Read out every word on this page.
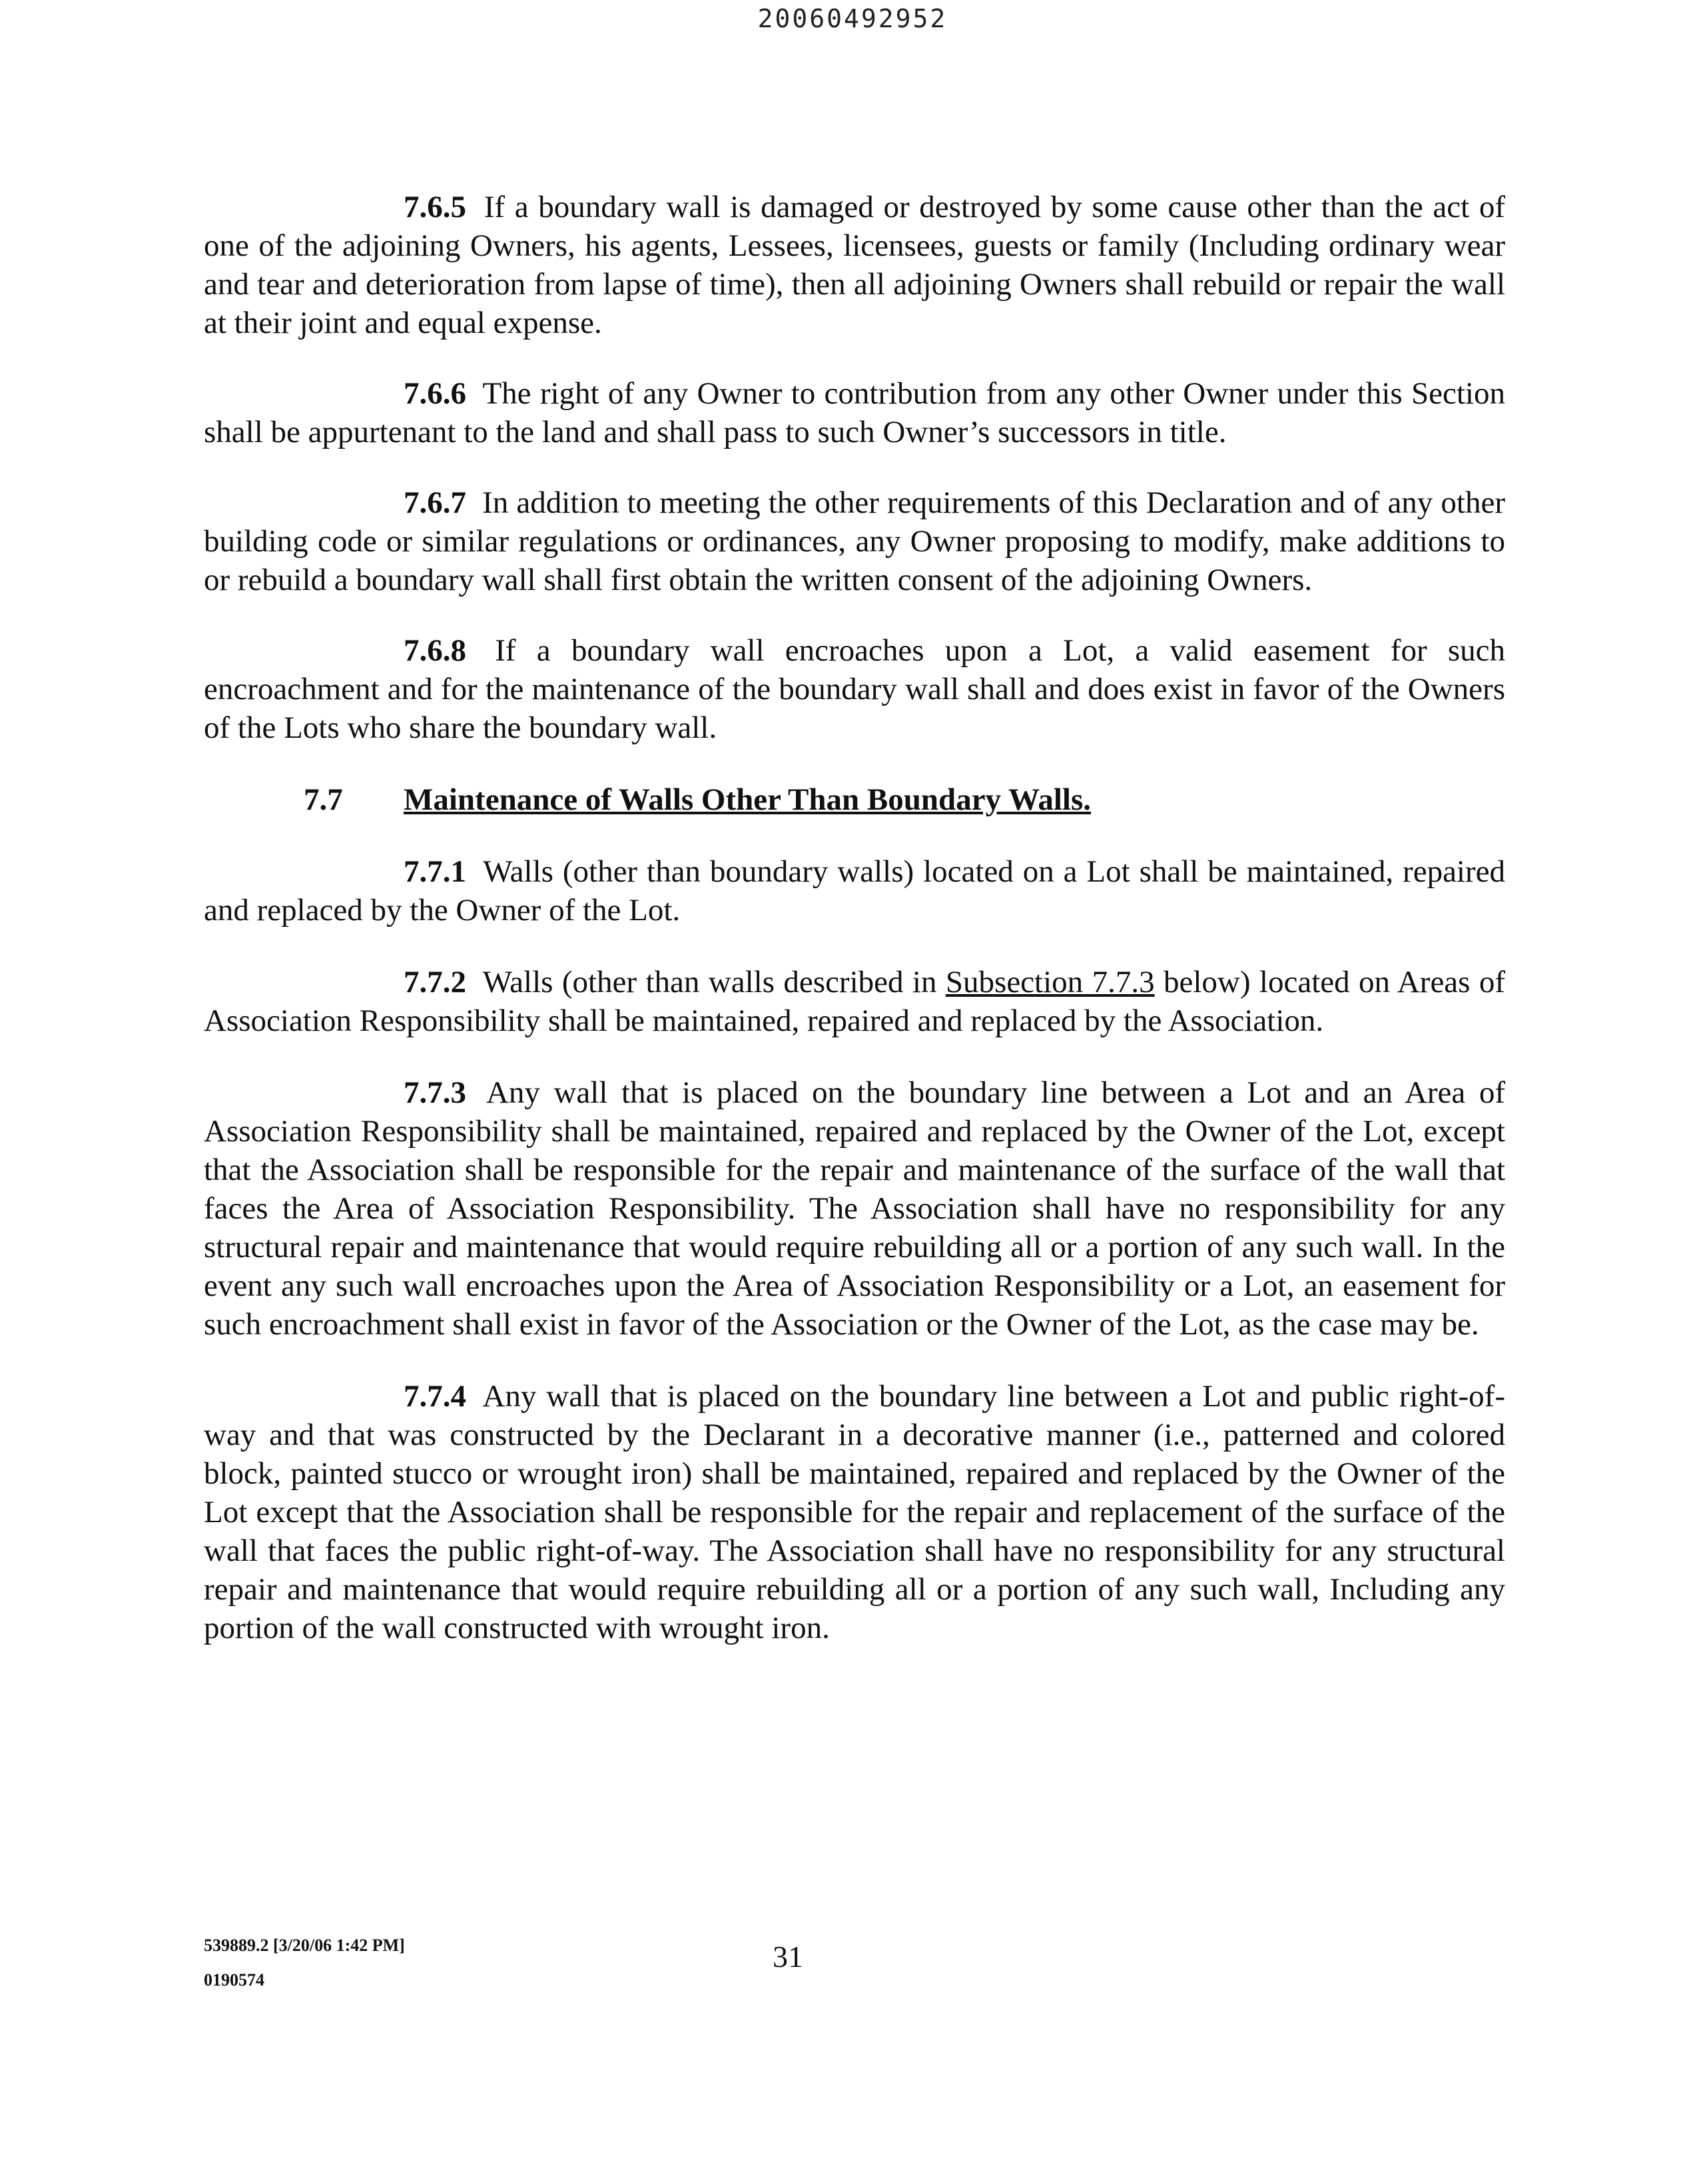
20060492952

7.6.5 If a boundary wall is damaged or destroyed by some cause other than the act of one of the adjoining Owners, his agents, Lessees, licensees, guests or family (Including ordinary wear and tear and deterioration from lapse of time), then all adjoining Owners shall rebuild or repair the wall at their joint and equal expense.

7.6.6 The right of any Owner to contribution from any other Owner under this Section shall be appurtenant to the land and shall pass to such Owner’s successors in title.

7.6.7 In addition to meeting the other requirements of this Declaration and of any other building code or similar regulations or ordinances, any Owner proposing to modify, make additions to or rebuild a boundary wall shall first obtain the written consent of the adjoining Owners.

7.6.8 If a boundary wall encroaches upon a Lot, a valid easement for such encroachment and for the maintenance of the boundary wall shall and does exist in favor of the Owners of the Lots who share the boundary wall.

7.7 Maintenance of Walls Other Than Boundary Walls.

7.7.1 Walls (other than boundary walls) located on a Lot shall be maintained, repaired and replaced by the Owner of the Lot.

7.7.2 Walls (other than walls described in Subsection 7.7.3 below) located on Areas of Association Responsibility shall be maintained, repaired and replaced by the Association.

7.7.3 Any wall that is placed on the boundary line between a Lot and an Area of Association Responsibility shall be maintained, repaired and replaced by the Owner of the Lot, except that the Association shall be responsible for the repair and maintenance of the surface of the wall that faces the Area of Association Responsibility. The Association shall have no responsibility for any structural repair and maintenance that would require rebuilding all or a portion of any such wall. In the event any such wall encroaches upon the Area of Association Responsibility or a Lot, an easement for such encroachment shall exist in favor of the Association or the Owner of the Lot, as the case may be.

7.7.4 Any wall that is placed on the boundary line between a Lot and public right-of-way and that was constructed by the Declarant in a decorative manner (i.e., patterned and colored block, painted stucco or wrought iron) shall be maintained, repaired and replaced by the Owner of the Lot except that the Association shall be responsible for the repair and replacement of the surface of the wall that faces the public right-of-way. The Association shall have no responsibility for any structural repair and maintenance that would require rebuilding all or a portion of any such wall, Including any portion of the wall constructed with wrought iron.

539889.2 [3/20/06 1:42 PM]
0190574
31
